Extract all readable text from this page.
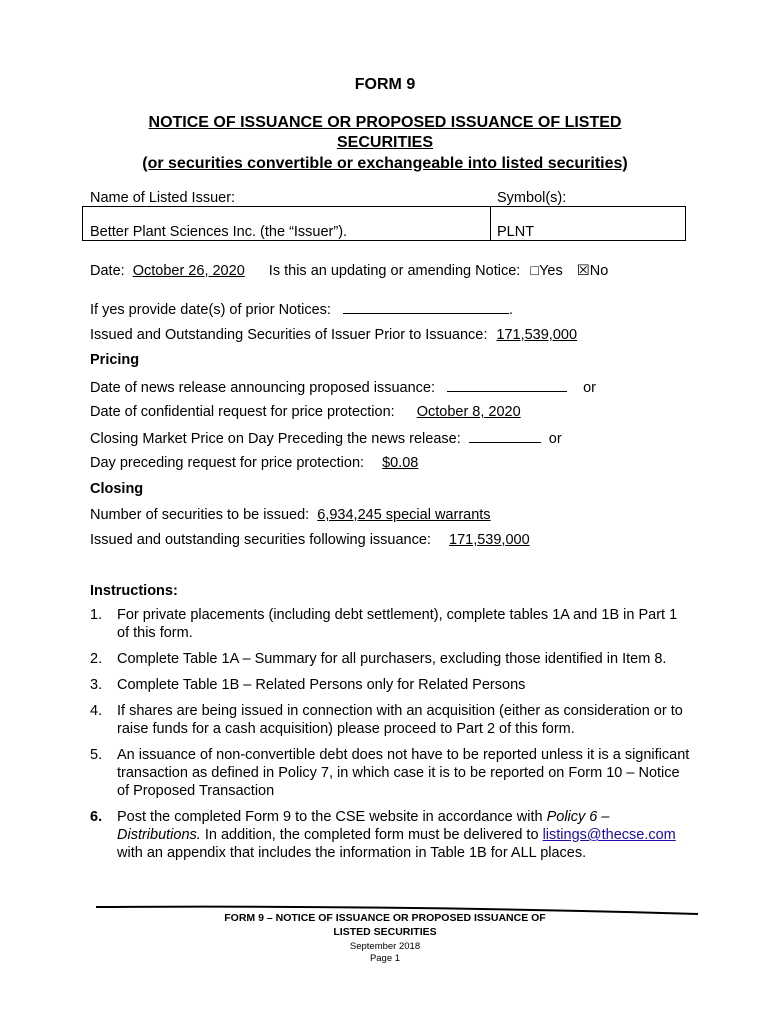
FORM 9
NOTICE OF ISSUANCE OR PROPOSED ISSUANCE OF LISTED
SECURITIES
(or securities convertible or exchangeable into listed securities)
Name of Listed Issuer:	Symbol(s):
Better Plant Sciences Inc. (the “Issuer”).	PLNT
Date: October 26, 2020 Is this an updating or amending Notice: □Yes ☒No
If yes provide date(s) of prior Notices:	.
Issued and Outstanding Securities of Issuer Prior to Issuance: 171,539,000
Pricing
Date of news release announcing proposed issuance:	or
Date of confidential request for price protection: October 8, 2020
Closing Market Price on Day Preceding the news release:	or
Day preceding request for price protection: $0.08
Closing
Number of securities to be issued: 6,934,245 special warrants
Issued and outstanding securities following issuance: 171,539,000
Instructions:
1. For private placements (including debt settlement), complete tables 1A and 1B in Part 1 of this form.
2. Complete Table 1A – Summary for all purchasers, excluding those identified in Item 8.
3. Complete Table 1B – Related Persons only for Related Persons
4. If shares are being issued in connection with an acquisition (either as consideration or to raise funds for a cash acquisition) please proceed to Part 2 of this form.
5. An issuance of non-convertible debt does not have to be reported unless it is a significant transaction as defined in Policy 7, in which case it is to be reported on Form 10 – Notice of Proposed Transaction
6. Post the completed Form 9 to the CSE website in accordance with Policy 6 – Distributions. In addition, the completed form must be delivered to listings@thecse.com with an appendix that includes the information in Table 1B for ALL places.
FORM 9 – NOTICE OF ISSUANCE OR PROPOSED ISSUANCE OF
LISTED SECURITIES
September 2018
Page 1
